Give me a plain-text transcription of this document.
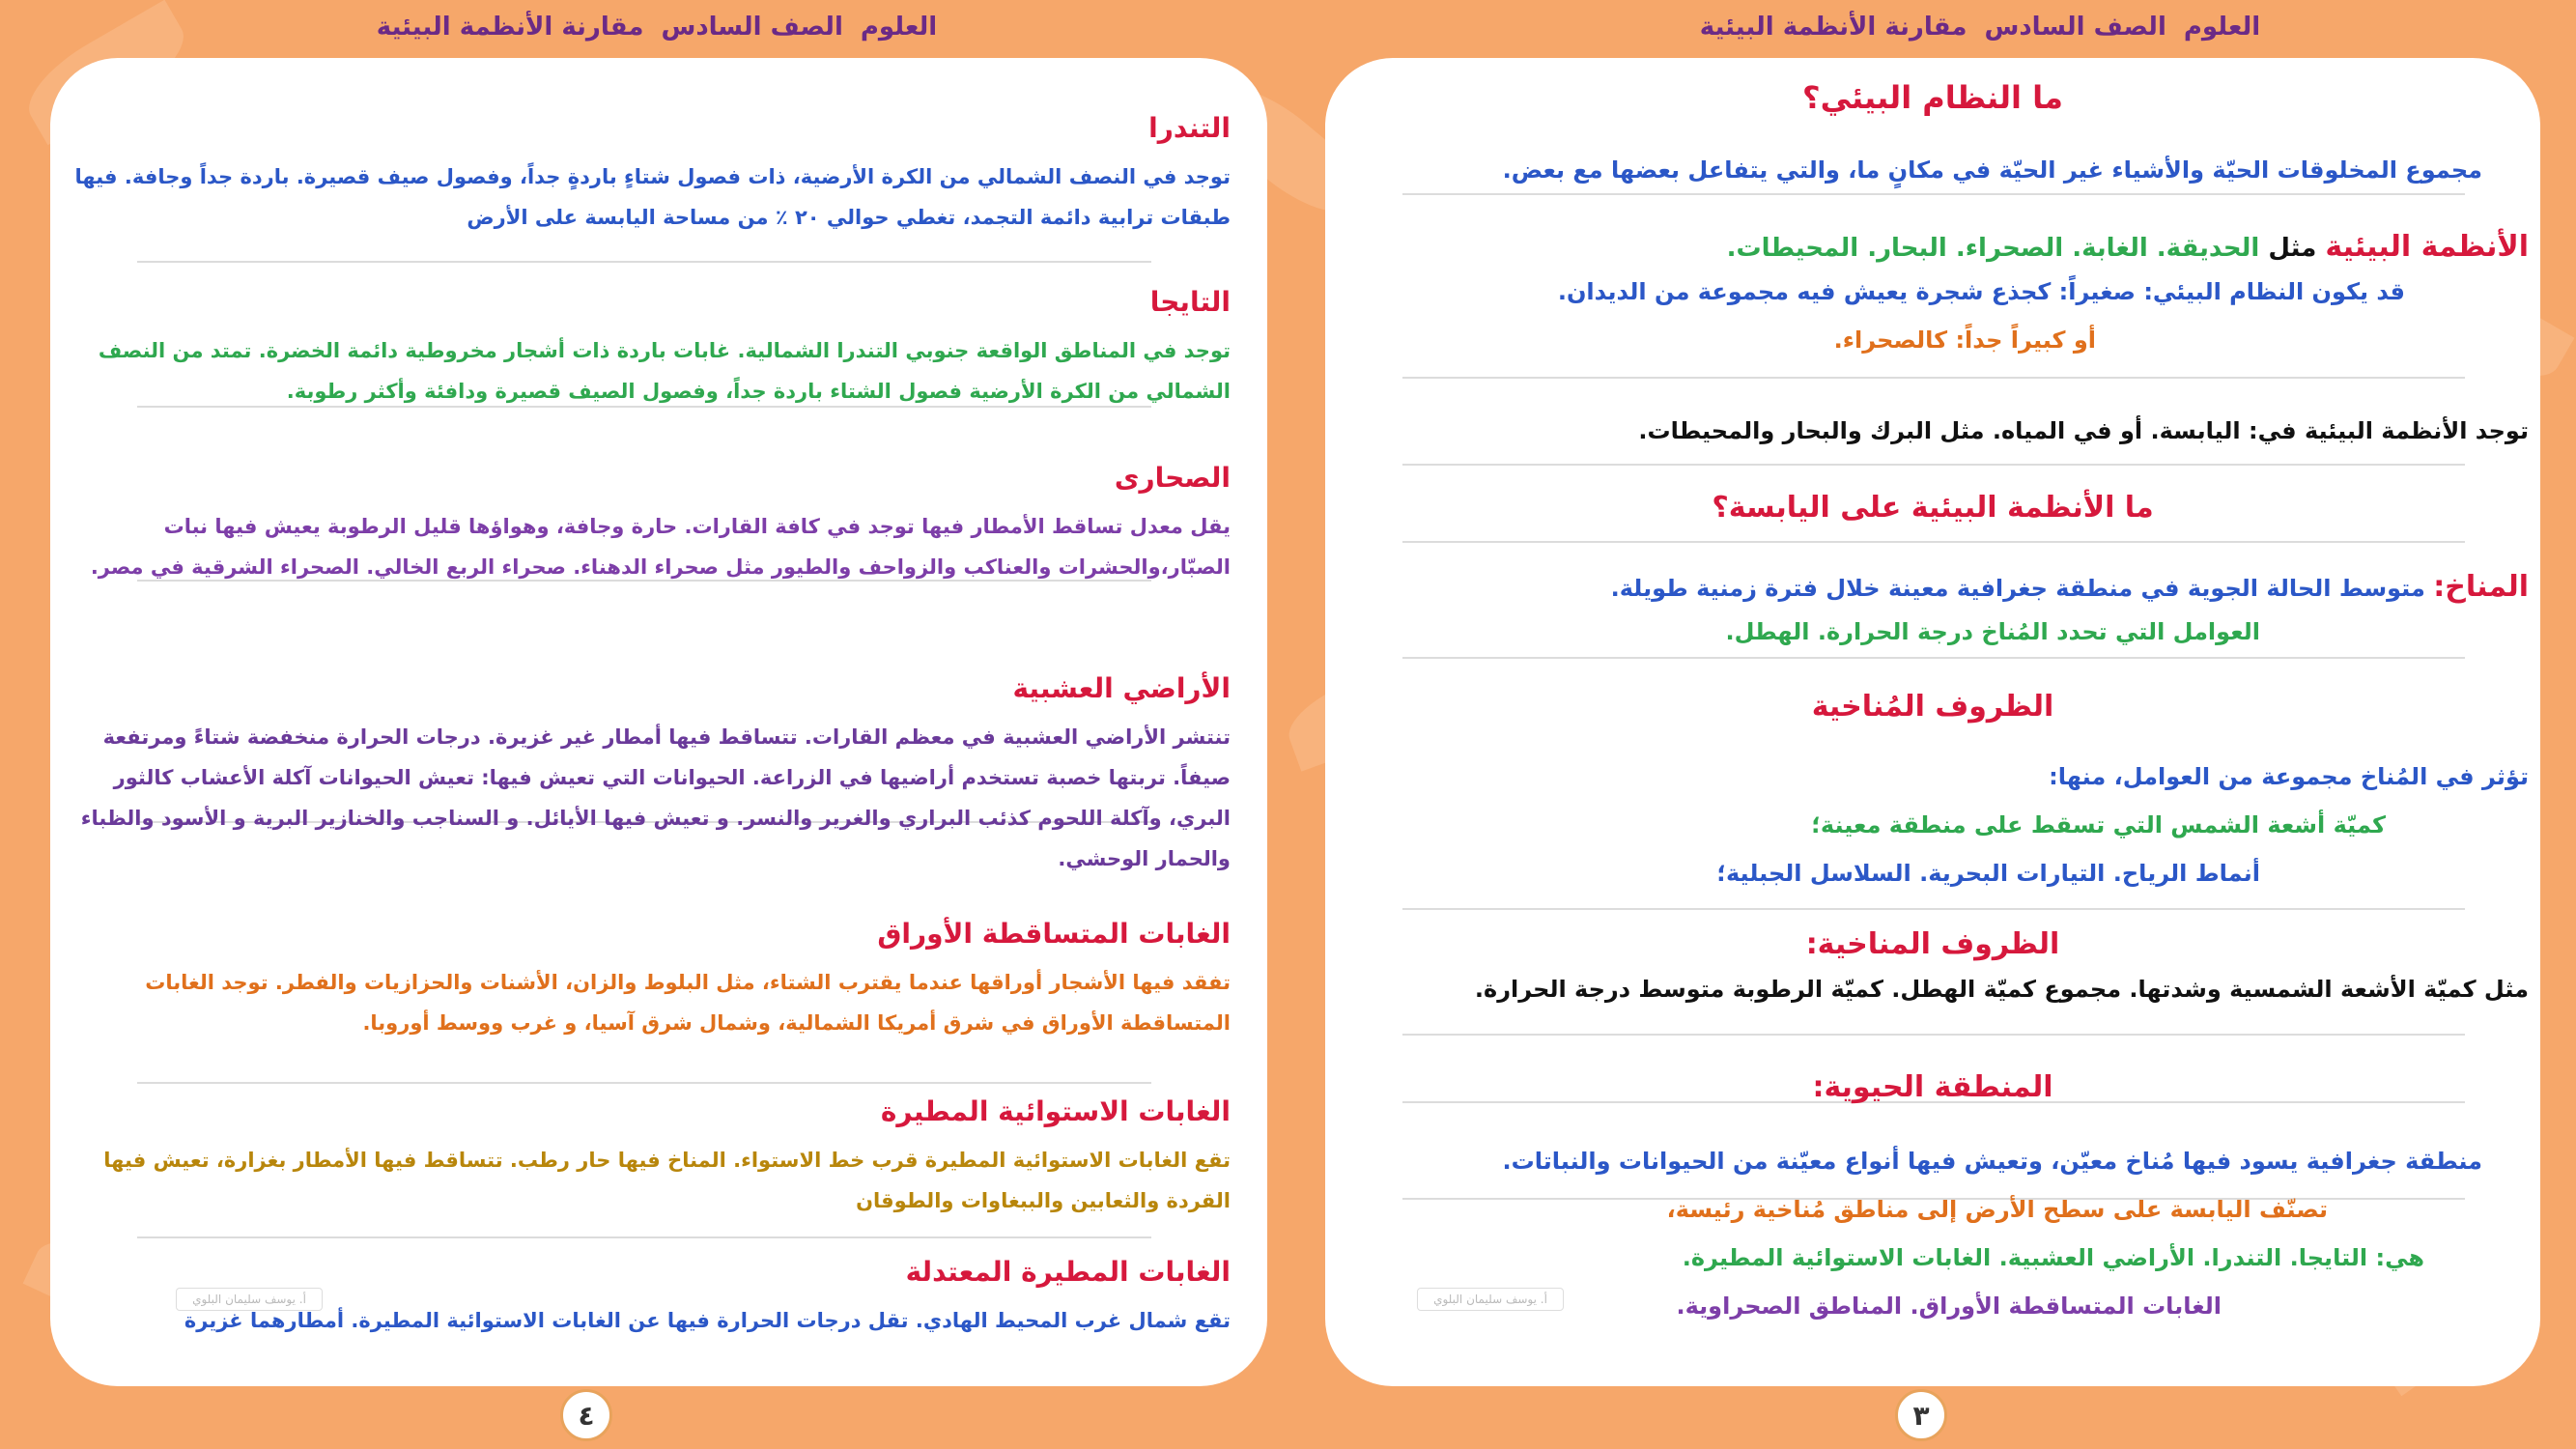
العلوم
الصف السادس
مقارنة الأنظمة البيئية	العلوم
الصف السادس
مقارنة الأنظمة البيئية
التندرا
توجد في النصف الشمالي من الكرة الأرضية، ذات فصول شتاءٍ باردةٍ جداً، وفصول صيف قصيرة. باردة جداً وجافة. فيها طبقات ترابية دائمة التجمد، تغطي حوالي ٢٠ ٪ من مساحة اليابسة على الأرض
التايجا
توجد في المناطق الواقعة جنوبي التندرا الشمالية. غابات باردة ذات أشجار مخروطية دائمة الخضرة. تمتد من النصف الشمالي من الكرة الأرضية فصول الشتاء باردة جداً، وفصول الصيف قصيرة ودافئة وأكثر رطوبة.
الصحارى
يقل معدل تساقط الأمطار فيها توجد في كافة القارات. حارة وجافة، وهواؤها قليل الرطوبة يعيش فيها نبات الصبّار،والحشرات والعناكب والزواحف والطيور مثل صحراء الدهناء. صحراء الربع الخالي. الصحراء الشرقية في مصر.
الأراضي العشبية
تنتشر الأراضي العشبية في معظم القارات. تتساقط فيها أمطار غير غزيرة. درجات الحرارة منخفضة شتاءً ومرتفعة صيفاً. تربتها خصبة تستخدم أراضيها في الزراعة. الحيوانات التي تعيش فيها: تعيش الحيوانات آكلة الأعشاب كالثور البري، وآكلة اللحوم كذئب البراري والغرير والنسر. و تعيش فيها الأيائل. و السناجب والخنازير البرية و الأسود والظباء والحمار الوحشي.
الغابات المتساقطة الأوراق
تفقد فيها الأشجار أوراقها عندما يقترب الشتاء، مثل البلوط والزان، الأشنات والحزازيات والفطر. توجد الغابات المتساقطة الأوراق في شرق أمريكا الشمالية، وشمال شرق آسيا، و غرب ووسط أوروبا.
الغابات الاستوائية المطيرة
تقع الغابات الاستوائية المطيرة قرب خط الاستواء. المناخ فيها حار رطب. تتساقط فيها الأمطار بغزارة، تعيش فيها القردة والثعابين والببغاوات والطوقان
الغابات المطيرة المعتدلة
تقع شمال غرب المحيط الهادي. تقل درجات الحرارة فيها عن الغابات الاستوائية المطيرة. أمطارهما غزيرة
أ. يوسف سليمان البلوي
٤
ما النظام البيئي؟
مجموع المخلوقات الحيّة والأشياء غير الحيّة في مكانٍ ما، والتي يتفاعل بعضها مع بعض.
الأنظمة البيئية مثل الحديقة. الغابة. الصحراء. البحار. المحيطات.
قد يكون النظام البيئي: صغيراً: كجذع شجرة يعيش فيه مجموعة من الديدان.
أو كبيراً جداً: كالصحراء.
توجد الأنظمة البيئية في: اليابسة. أو في المياه. مثل البرك والبحار والمحيطات.
ما الأنظمة البيئية على اليابسة؟
المناخ: متوسط الحالة الجوية في منطقة جغرافية معينة خلال فترة زمنية طويلة.
العوامل التي تحدد المُناخ درجة الحرارة. الهطل.
الظروف المُناخية
تؤثر في المُناخ مجموعة من العوامل، منها:
كميّة أشعة الشمس التي تسقط على منطقة معينة؛
أنماط الرياح. التيارات البحرية. السلاسل الجبلية؛
الظروف المناخية:
مثل كميّة الأشعة الشمسية وشدتها. مجموع كميّة الهطل. كميّة الرطوبة متوسط درجة الحرارة.
المنطقة الحيوية:
منطقة جغرافية يسود فيها مُناخ معيّن، وتعيش فيها أنواع معيّنة من الحيوانات والنباتات.
تصنّف اليابسة على سطح الأرض إلى مناطق مُناخية رئيسة،
هي: التايجا. التندرا. الأراضي العشبية. الغابات الاستوائية المطيرة.
الغابات المتساقطة الأوراق. المناطق الصحراوية.
أ. يوسف سليمان البلوي
٣
